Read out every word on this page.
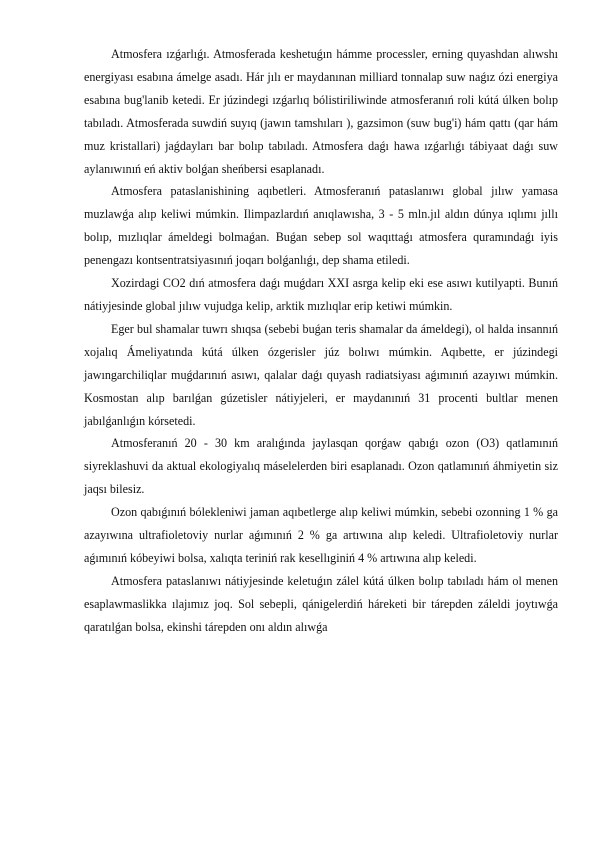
Atmosfera ızǵarlıǵı. Atmosferada keshetuǵın hámme processler, erning quyashdan alıwshı energiyası esabına ámelge asadı. Hár jılı er maydanınan milliard tonnalap suw naǵız ózi energiya esabına bug'lanib ketedi. Er júzindegi ızǵarlıq bólistiriliwinde atmosferanıń roli kútá úlken bolıp tabıladı. Atmosferada suwdiń suyıq (jawın tamshıları ), gazsimon (suw bug'i) hám qattı (qar hám muz kristallari) jaǵdayları bar bolıp tabıladı. Atmosfera daǵı hawa ızǵarlıǵı tábiyaat daǵı suw aylanıwınıń eń aktiv bolǵan sheńbersi esaplanadı.

Atmosfera pataslanishining aqıbetleri. Atmosferanıń pataslanıwı global jılıw yamasa muzlawǵa alıp keliwi múmkin. Ilimpazlardıń anıqlawısha, 3 - 5 mln.jıl aldın dúnya ıqlımı jıllı bolıp, mızlıqlar ámeldegi bolmaǵan. Buǵan sebep sol waqıttaǵı atmosfera quramındaǵı iyis penengazı kontsentratsiyasınıń joqarı bolǵanlıǵı, dep shama etiledi.

Xozirdagi CO2 dıń atmosfera daǵı muǵdarı XXI asrga kelip eki ese asıwı kutilyapti. Bunıń nátiyjesinde global jılıw vujudga kelip, arktik mızlıqlar erip ketiwi múmkin.

Eger bul shamalar tuwrı shıqsa (sebebi buǵan teris shamalar da ámeldegi), ol halda insannıń xojalıq Ámeliyatında kútá úlken ózgerisler júz bolıwı múmkin. Aqıbette, er júzindegi jawıngarchiliqlar muǵdarınıń asıwı, qalalar daǵı quyash radiatsiyası aǵımınıń azayıwı múmkin. Kosmostan alıp barılǵan gúzetisler nátiyjeleri, er maydanınıń 31 procenti bultlar menen jabılǵanlıǵın kórsetedi.

Atmosferanıń 20 - 30 km aralıǵında jaylasqan qorǵaw qabıǵı ozon (O3) qatlamınıń siyreklashuvi da aktual ekologiyalıq máselelerden biri esaplanadı. Ozon qatlamınıń áhmiyetin siz jaqsı bilesiz.

Ozon qabıǵınıń bólekleniwi jaman aqıbetlerge alıp keliwi múmkin, sebebi ozonning 1 % ga azayıwına ultrafioletoviy nurlar aǵımınıń 2 % ga artıwına alıp keledi. Ultrafioletoviy nurlar aǵımınıń kóbeyiwi bolsa, xalıqta teriniń rak kesellıginiń 4 % artıwına alıp keledi.

Atmosfera pataslanıwı nátiyjesinde keletuǵın zálel kútá úlken bolıp tabıladı hám ol menen esaplawmaslikka ılajımız joq. Sol sebepli, qánigelerdiń háreketi bir tárepden záleldi joytıwǵa qaratılǵan bolsa, ekinshi tárepden onı aldın alıwǵa
